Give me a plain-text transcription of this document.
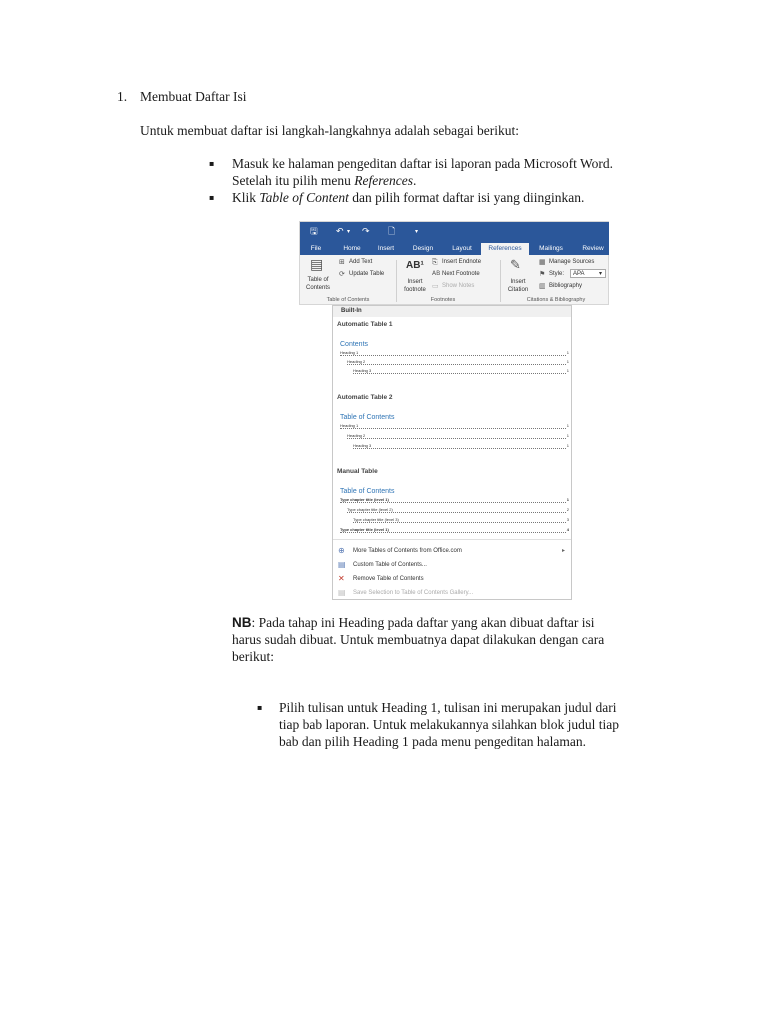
1. Membuat Daftar Isi
Untuk membuat daftar isi langkah-langkahnya adalah sebagai berikut:
▪ Masuk ke halaman pengeditan daftar isi laporan pada Microsoft Word.
Setelah itu pilih menu References.
▪ Klik Table of Content dan pilih format daftar isi yang diinginkan.
🖫 ↶ ▾ ↷ 🗋	▾
File	Home	Insert	Design	Layout	References	Mailings	Review
▤
Table of
Contents
⊞ Add Text
⟳ Update Table
Table of Contents
AB¹
Insert
footnote
⎘ Insert Endnote
AB Next Footnote
▭ Show Notes
Footnotes
✎
Insert
Citation
▦ Manage Sources
⚑ Style: APA ▾
▥ Bibliography
Citations & Bibliography
Built-In
Automatic Table 1
Contents
Heading 1	1
Heading 2	1
Heading 3	1
Automatic Table 2
Table of Contents
Heading 1	1
Heading 2	1
Heading 3	1
Manual Table
Table of Contents
Type chapter title (level 1)	1
Type chapter title (level 2)	2
Type chapter title (level 3)	3
Type chapter title (level 1)	4
⊕ More Tables of Contents from Office.com	▸
▤ Custom Table of Contents...
✕ Remove Table of Contents
▤ Save Selection to Table of Contents Gallery...
NB: Pada tahap ini Heading pada daftar yang akan dibuat daftar isi
harus sudah dibuat. Untuk membuatnya dapat dilakukan dengan cara
berikut:
▪ Pilih tulisan untuk Heading 1, tulisan ini merupakan judul dari
tiap bab laporan. Untuk melakukannya silahkan blok judul tiap
bab dan pilih Heading 1 pada menu pengeditan halaman.
